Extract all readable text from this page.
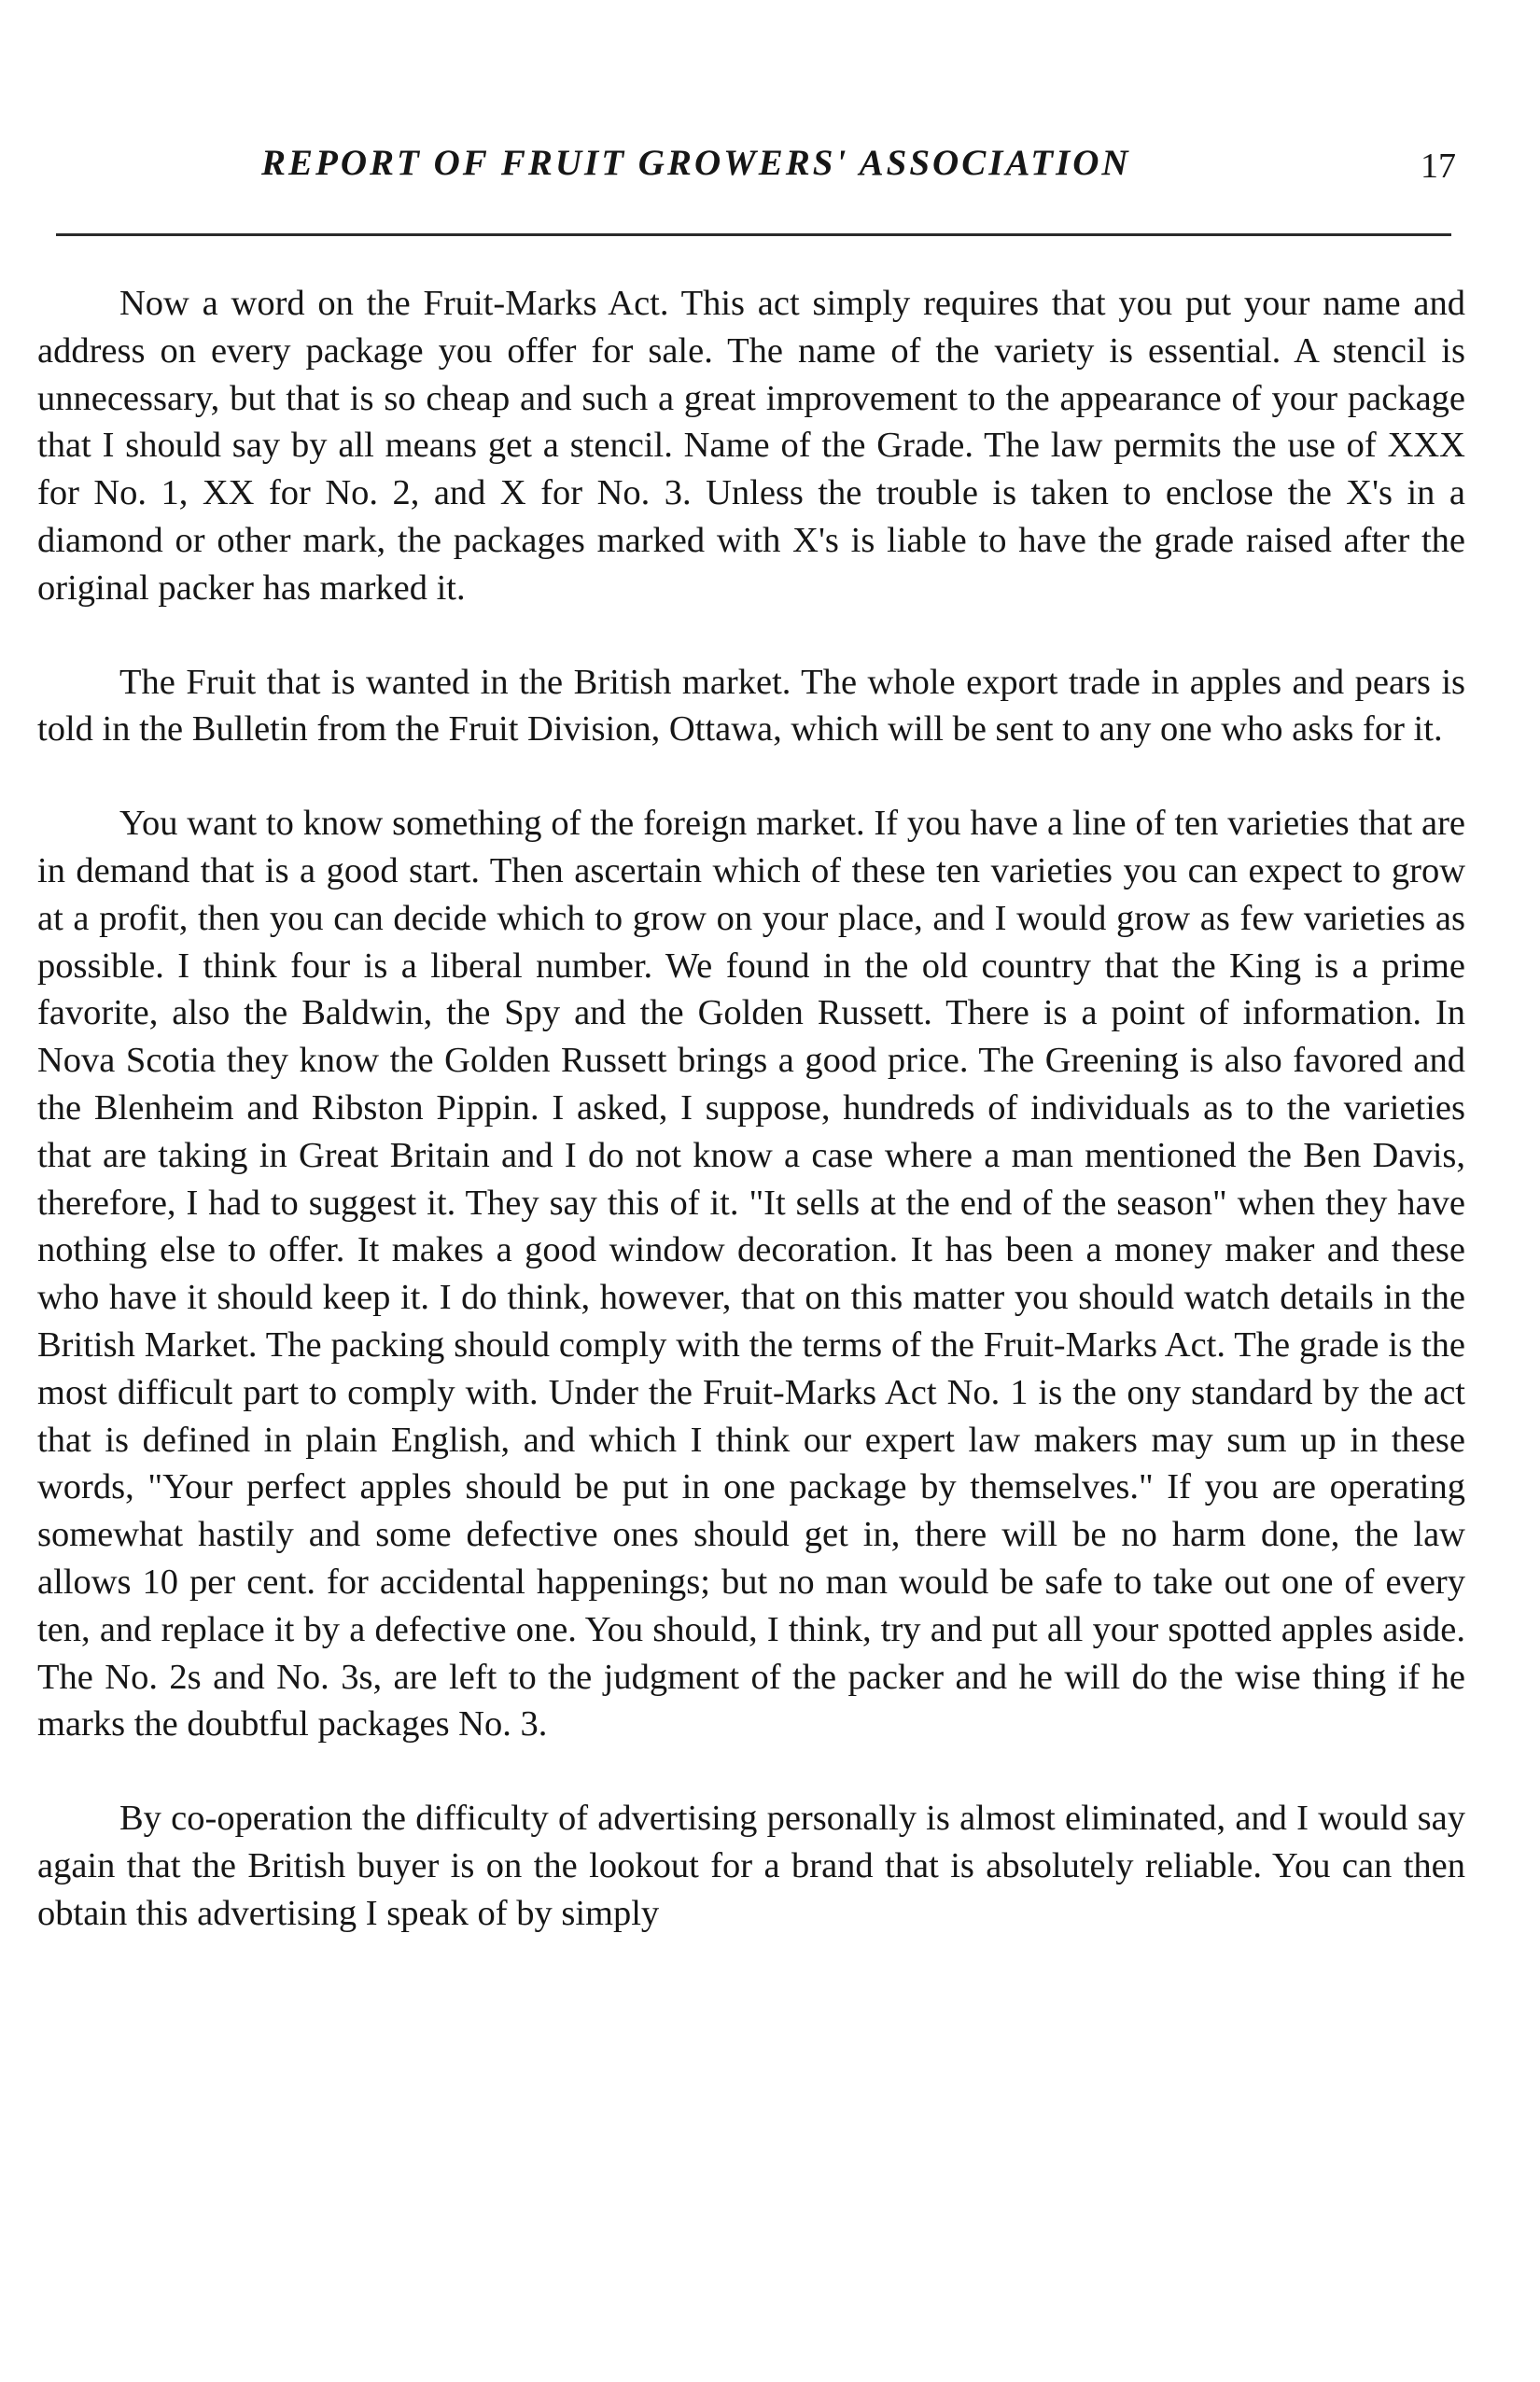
REPORT OF FRUIT GROWERS' ASSOCIATION	17

Now a word on the Fruit-Marks Act. This act simply requires that you put your name and address on every package you offer for sale. The name of the variety is essential. A stencil is unnecessary, but that is so cheap and such a great improvement to the appearance of your package that I should say by all means get a stencil. Name of the Grade. The law permits the use of XXX for No. 1, XX for No. 2, and X for No. 3. Unless the trouble is taken to enclose the X's in a diamond or other mark, the packages marked with X's is liable to have the grade raised after the original packer has marked it.

The Fruit that is wanted in the British market. The whole export trade in apples and pears is told in the Bulletin from the Fruit Division, Ottawa, which will be sent to any one who asks for it.

You want to know something of the foreign market. If you have a line of ten varieties that are in demand that is a good start. Then ascertain which of these ten varieties you can expect to grow at a profit, then you can decide which to grow on your place, and I would grow as few varieties as possible. I think four is a liberal number. We found in the old country that the King is a prime favorite, also the Baldwin, the Spy and the Golden Russett. There is a point of information. In Nova Scotia they know the Golden Russett brings a good price. The Greening is also favored and the Blenheim and Ribston Pippin. I asked, I suppose, hundreds of individuals as to the varieties that are taking in Great Britain and I do not know a case where a man mentioned the Ben Davis, therefore, I had to suggest it. They say this of it. "It sells at the end of the season" when they have nothing else to offer. It makes a good window decoration. It has been a money maker and these who have it should keep it. I do think, however, that on this matter you should watch details in the British Market. The packing should comply with the terms of the Fruit-Marks Act. The grade is the most difficult part to comply with. Under the Fruit-Marks Act No. 1 is the ony standard by the act that is defined in plain English, and which I think our expert law makers may sum up in these words, "Your perfect apples should be put in one package by themselves." If you are operating somewhat hastily and some defective ones should get in, there will be no harm done, the law allows 10 per cent. for accidental happenings; but no man would be safe to take out one of every ten, and replace it by a defective one. You should, I think, try and put all your spotted apples aside. The No. 2s and No. 3s, are left to the judgment of the packer and he will do the wise thing if he marks the doubtful packages No. 3.

By co-operation the difficulty of advertising personally is almost eliminated, and I would say again that the British buyer is on the lookout for a brand that is absolutely reliable. You can then obtain this advertising I speak of by simply
